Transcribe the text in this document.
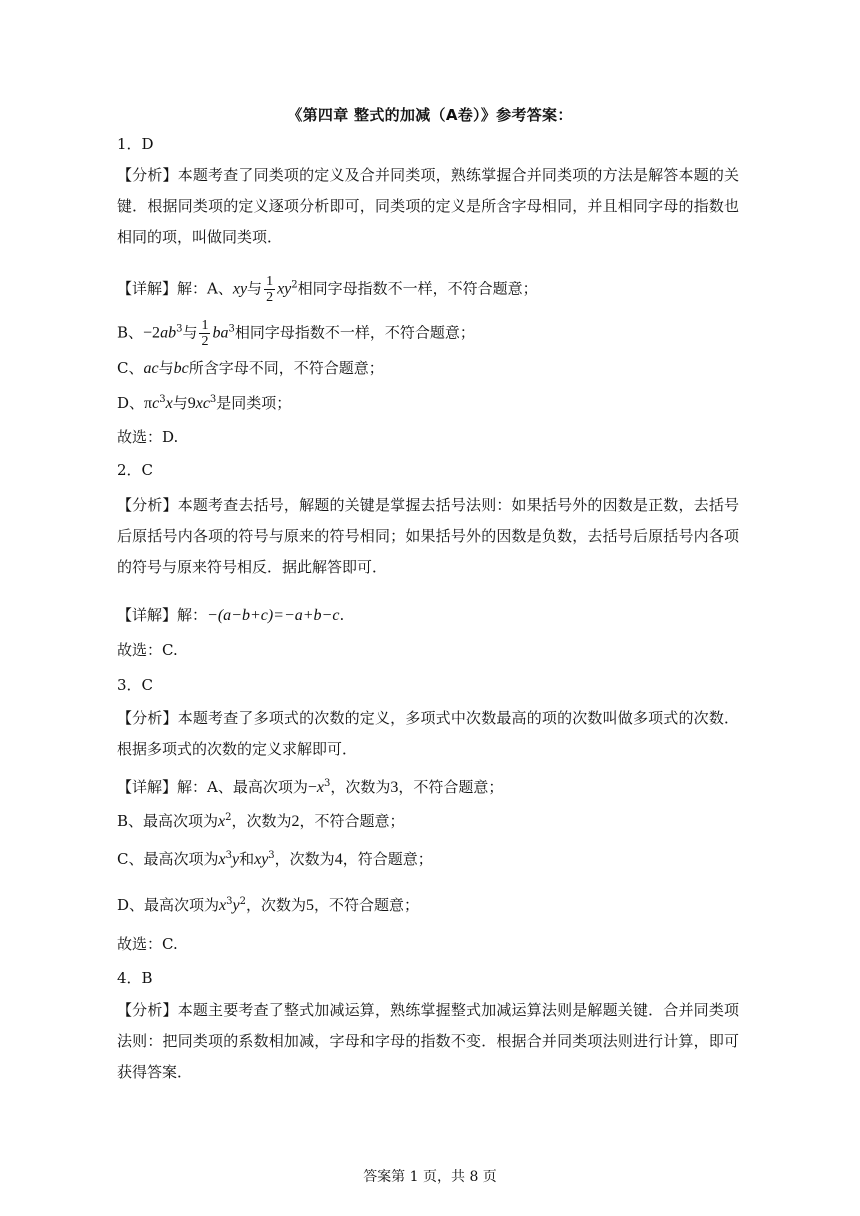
《第四章 整式的加减（A卷）》参考答案：
1．D
【分析】本题考查了同类项的定义及合并同类项，熟练掌握合并同类项的方法是解答本题的关键．根据同类项的定义逐项分析即可，同类项的定义是所含字母相同，并且相同字母的指数也相同的项，叫做同类项．
【详解】解：A、xy与 $\frac{1}{2} xy^2$相同字母指数不一样，不符合题意；
B、$-2ab^3$与 $\frac{1}{2} ba^3$相同字母指数不一样，不符合题意；
C、ac与bc所含字母不同，不符合题意；
D、$\pi c^3x$与$9xc^3$是同类项；
故选：D.
2．C
【分析】本题考查去括号，解题的关键是掌握去括号法则：如果括号外的因数是正数，去括号后原括号内各项的符号与原来的符号相同；如果括号外的因数是负数，去括号后原括号内各项的符号与原来符号相反．据此解答即可．
【详解】解：−(a−b+c)=−a+b−c.
故选：C.
3．C
【分析】本题考查了多项式的次数的定义，多项式中次数最高的项的次数叫做多项式的次数．根据多项式的次数的定义求解即可．
【详解】解：A、最高次项为$-x^3$，次数为3，不符合题意；
B、最高次项为$x^2$，次数为2，不符合题意；
C、最高次项为$x^3y$和$xy^3$，次数为4，符合题意；
D、最高次项为$x^3y^2$，次数为5，不符合题意；
故选：C.
4．B
【分析】本题主要考查了整式加减运算，熟练掌握整式加减运算法则是解题关键．合并同类项法则：把同类项的系数相加减，字母和字母的指数不变．根据合并同类项法则进行计算，即可获得答案．
答案第 1 页，共 8 页
